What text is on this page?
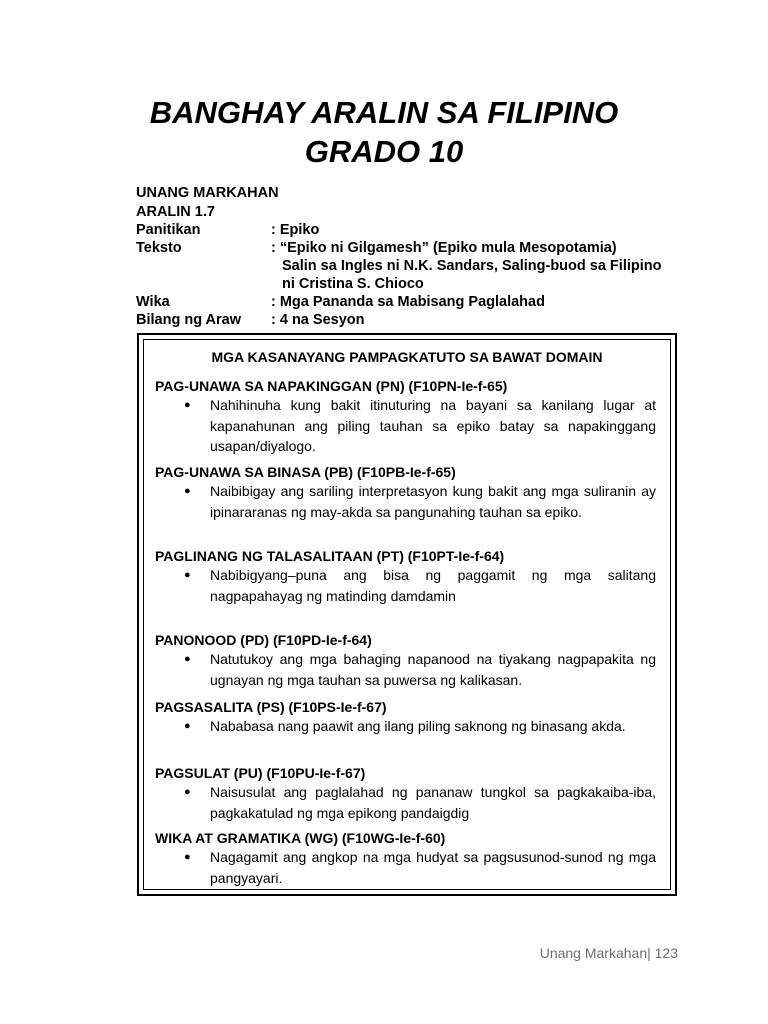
BANGHAY ARALIN SA FILIPINO
GRADO 10
UNANG MARKAHAN
ARALIN 1.7
Panitikan	: Epiko
Teksto	: “Epiko ni Gilgamesh” (Epiko mula Mesopotamia)
Salin sa Ingles ni N.K. Sandars, Saling-buod sa Filipino
ni Cristina S. Chioco
Wika	: Mga Pananda sa Mabisang Paglalahad
Bilang ng Araw : 4 na Sesyon
MGA KASANAYANG PAMPAGKATUTO SA BAWAT DOMAIN
PAG-UNAWA SA NAPAKINGGAN (PN) (F10PN-Ie-f-65)
● Nahihinuha kung bakit itinuturing na bayani sa kanilang lugar at kapanahunan ang piling tauhan sa epiko batay sa napakinggang usapan/diyalogo.
PAG-UNAWA SA BINASA (PB) (F10PB-Ie-f-65)
● Naibibigay ang sariling interpretasyon kung bakit ang mga suliranin ay ipinararanas ng may-akda sa pangunahing tauhan sa epiko.
PAGLINANG NG TALASALITAAN (PT) (F10PT-Ie-f-64)
● Nabibigyang–puna ang bisa ng paggamit ng mga salitang nagpapahayag ng matinding damdamin
PANONOOD (PD) (F10PD-Ie-f-64)
● Natutukoy ang mga bahaging napanood na tiyakang nagpapakita ng ugnayan ng mga tauhan sa puwersa ng kalikasan.
PAGSASALITA (PS) (F10PS-Ie-f-67)
● Nababasa nang paawit ang ilang piling saknong ng binasang akda.
PAGSULAT (PU) (F10PU-Ie-f-67)
● Naisusulat ang paglalahad ng pananaw tungkol sa pagkakaiba-iba, pagkakatulad ng mga epikong pandaigdig
WIKA AT GRAMATIKA (WG) (F10WG-Ie-f-60)
● Nagagamit ang angkop na mga hudyat sa pagsusunod-sunod ng mga pangyayari.
Unang Markahan| 123
